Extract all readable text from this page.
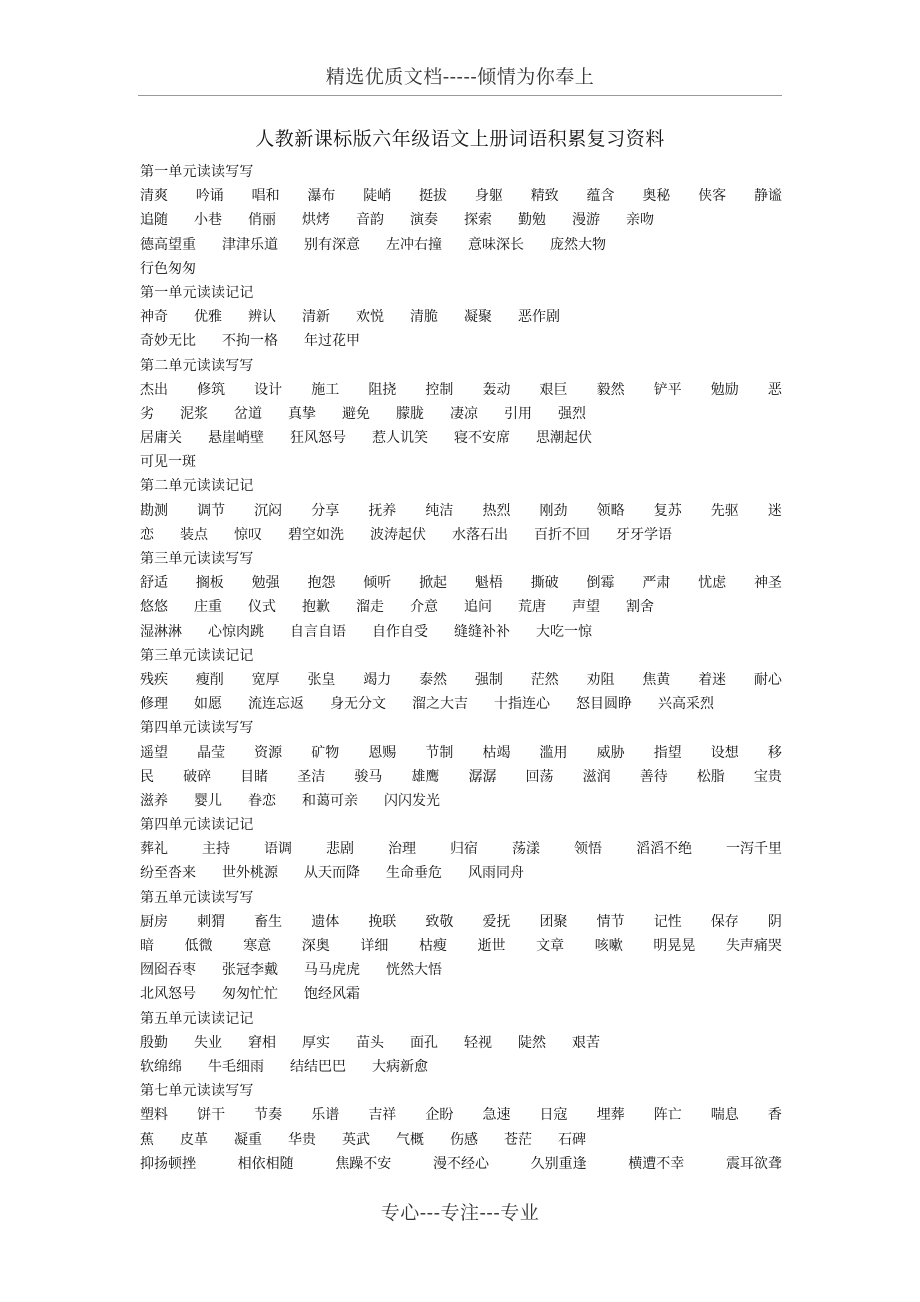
精选优质文档-----倾情为你奉上
人教新课标版六年级语文上册词语积累复习资料
第一单元读读写写
清爽 吟诵 唱和 瀑布 陡峭 挺拔 身躯 精致 蕴含 奥秘 侠客 静谧
追随 小巷 俏丽 烘烤 音韵 演奏 探索 勤勉 漫游 亲吻
德高望重 津津乐道 别有深意 左冲右撞 意味深长 庞然大物
行色匆匆
第一单元读读记记
神奇 优雅 辨认 清新 欢悦 清脆 凝聚 恶作剧
奇妙无比 不拘一格 年过花甲
第二单元读读写写
杰出 修筑 设计 施工 阻挠 控制 轰动 艰巨 毅然 铲平 勉励 恶
劣 泥浆 岔道 真挚 避免 朦胧 凄凉 引用 强烈
居庸关 悬崖峭壁 狂风怒号 惹人讥笑 寝不安席 思潮起伏
可见一斑
第二单元读读记记
勘测 调节 沉闷 分享 抚养 纯洁 热烈 刚劲 领略 复苏 先驱 迷
恋 装点 惊叹 碧空如洗 波涛起伏 水落石出 百折不回 牙牙学语
第三单元读读写写
舒适 搁板 勉强 抱怨 倾听 掀起 魁梧 撕破 倒霉 严肃 忧虑 神圣
悠悠 庄重 仪式 抱歉 溜走 介意 追问 荒唐 声望 割舍
湿淋淋 心惊肉跳 自言自语 自作自受 缝缝补补 大吃一惊
第三单元读读记记
残疾 瘦削 宽厚 张皇 竭力 泰然 强制 茫然 劝阻 焦黄 着迷 耐心
修理 如愿 流连忘返 身无分文 溜之大吉 十指连心 怒目圆睁 兴高采烈
第四单元读读写写
遥望 晶莹 资源 矿物 恩赐 节制 枯竭 滥用 威胁 指望 设想 移
民 破碎 目睹 圣洁 骏马 雄鹰 潺潺 回荡 滋润 善待 松脂 宝贵
滋养 婴儿 眷恋 和蔼可亲 闪闪发光
第四单元读读记记
葬礼 主持 语调 悲剧 治理 归宿 荡漾 领悟 滔滔不绝 一泻千里
纷至沓来 世外桃源 从天而降 生命垂危 风雨同舟
第五单元读读写写
厨房 刺猬 畜生 遗体 挽联 致敬 爱抚 团聚 情节 记性 保存 阴
暗 低微 寒意 深奥 详细 枯瘦 逝世 文章 咳嗽 明晃晃 失声痛哭
囫囵吞枣 张冠李戴 马马虎虎 恍然大悟
北风怒号 匆匆忙忙 饱经风霜
第五单元读读记记
殷勤 失业 窘相 厚实 苗头 面孔 轻视 陡然 艰苦
软绵绵 牛毛细雨 结结巴巴 大病新愈
第七单元读读写写
塑料 饼干 节奏 乐谱 吉祥 企盼 急速 日寇 埋葬 阵亡 喘息 香
蕉 皮革 凝重 华贵 英武 气概 伤感 苍茫 石碑
抑扬顿挫	相依相随	焦躁不安	漫不经心	久别重逢	横遭不幸	震耳欲聋
专心---专注---专业
